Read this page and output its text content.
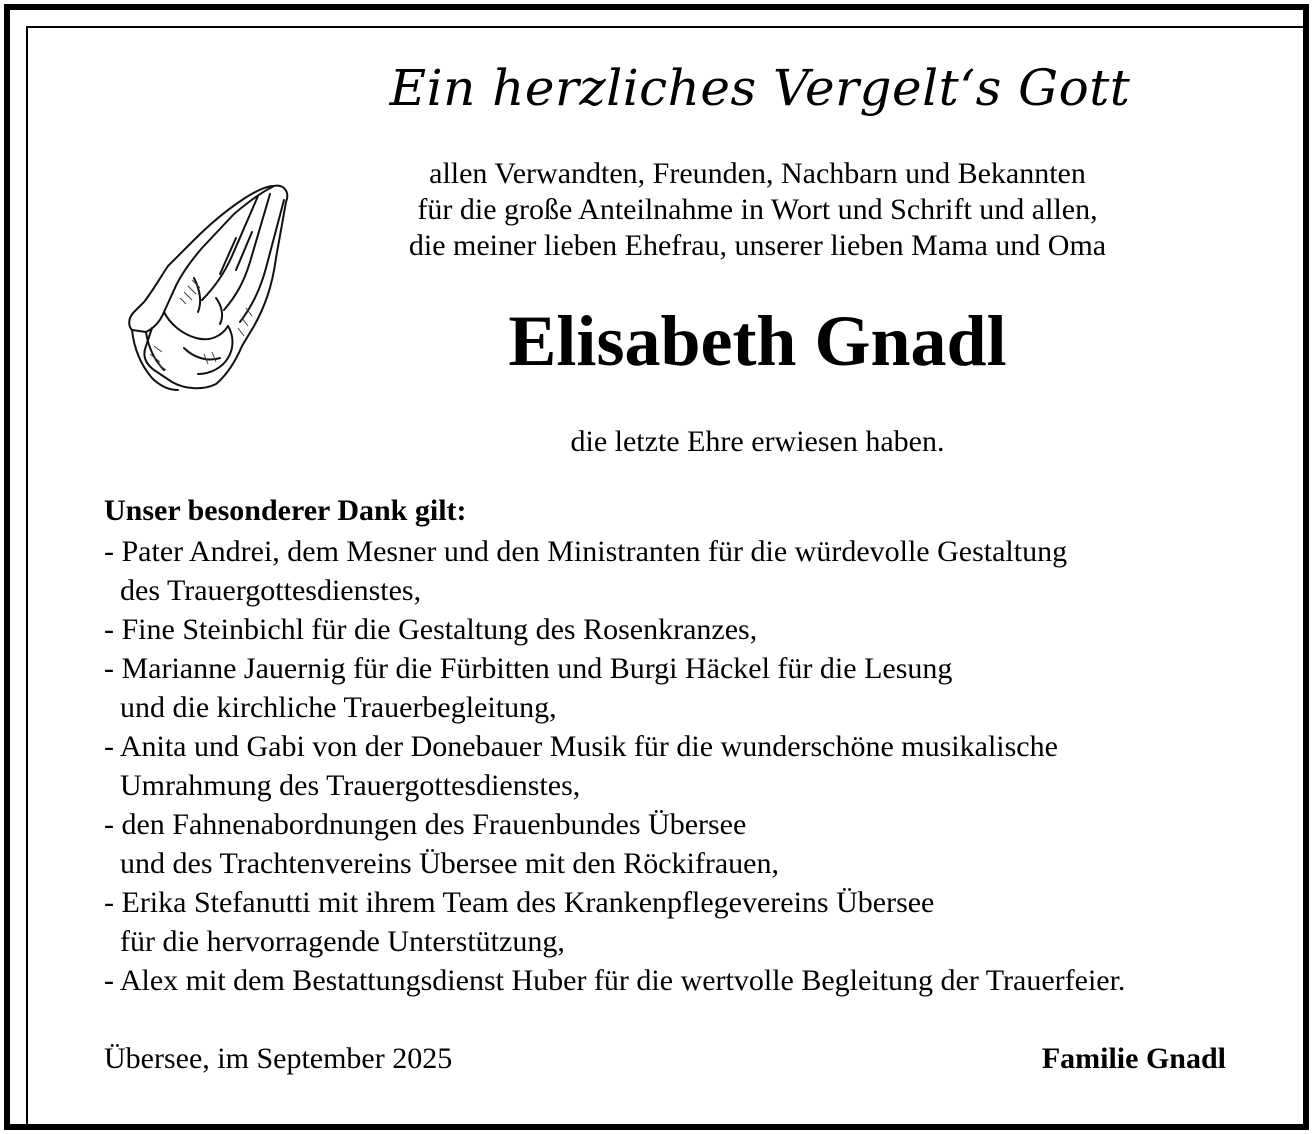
Ein herzliches Vergelt‘s Gott
allen Verwandten, Freunden, Nachbarn und Bekannten
für die große Anteilnahme in Wort und Schrift und allen,
die meiner lieben Ehefrau, unserer lieben Mama und Oma
Elisabeth Gnadl
die letzte Ehre erwiesen haben.
Unser besonderer Dank gilt:
- Pater Andrei, dem Mesner und den Ministranten für die würdevolle Gestaltung
des Trauergottesdienstes,
- Fine Steinbichl für die Gestaltung des Rosenkranzes,
- Marianne Jauernig für die Fürbitten und Burgi Häckel für die Lesung
und die kirchliche Trauerbegleitung,
- Anita und Gabi von der Donebauer Musik für die wunderschöne musikalische
Umrahmung des Trauergottesdienstes,
- den Fahnenabordnungen des Frauenbundes Übersee
und des Trachtenvereins Übersee mit den Röckifrauen,
- Erika Stefanutti mit ihrem Team des Krankenpflegevereins Übersee
für die hervorragende Unterstützung,
- Alex mit dem Bestattungsdienst Huber für die wertvolle Begleitung der Trauerfeier.
Übersee, im September 2025	Familie Gnadl
